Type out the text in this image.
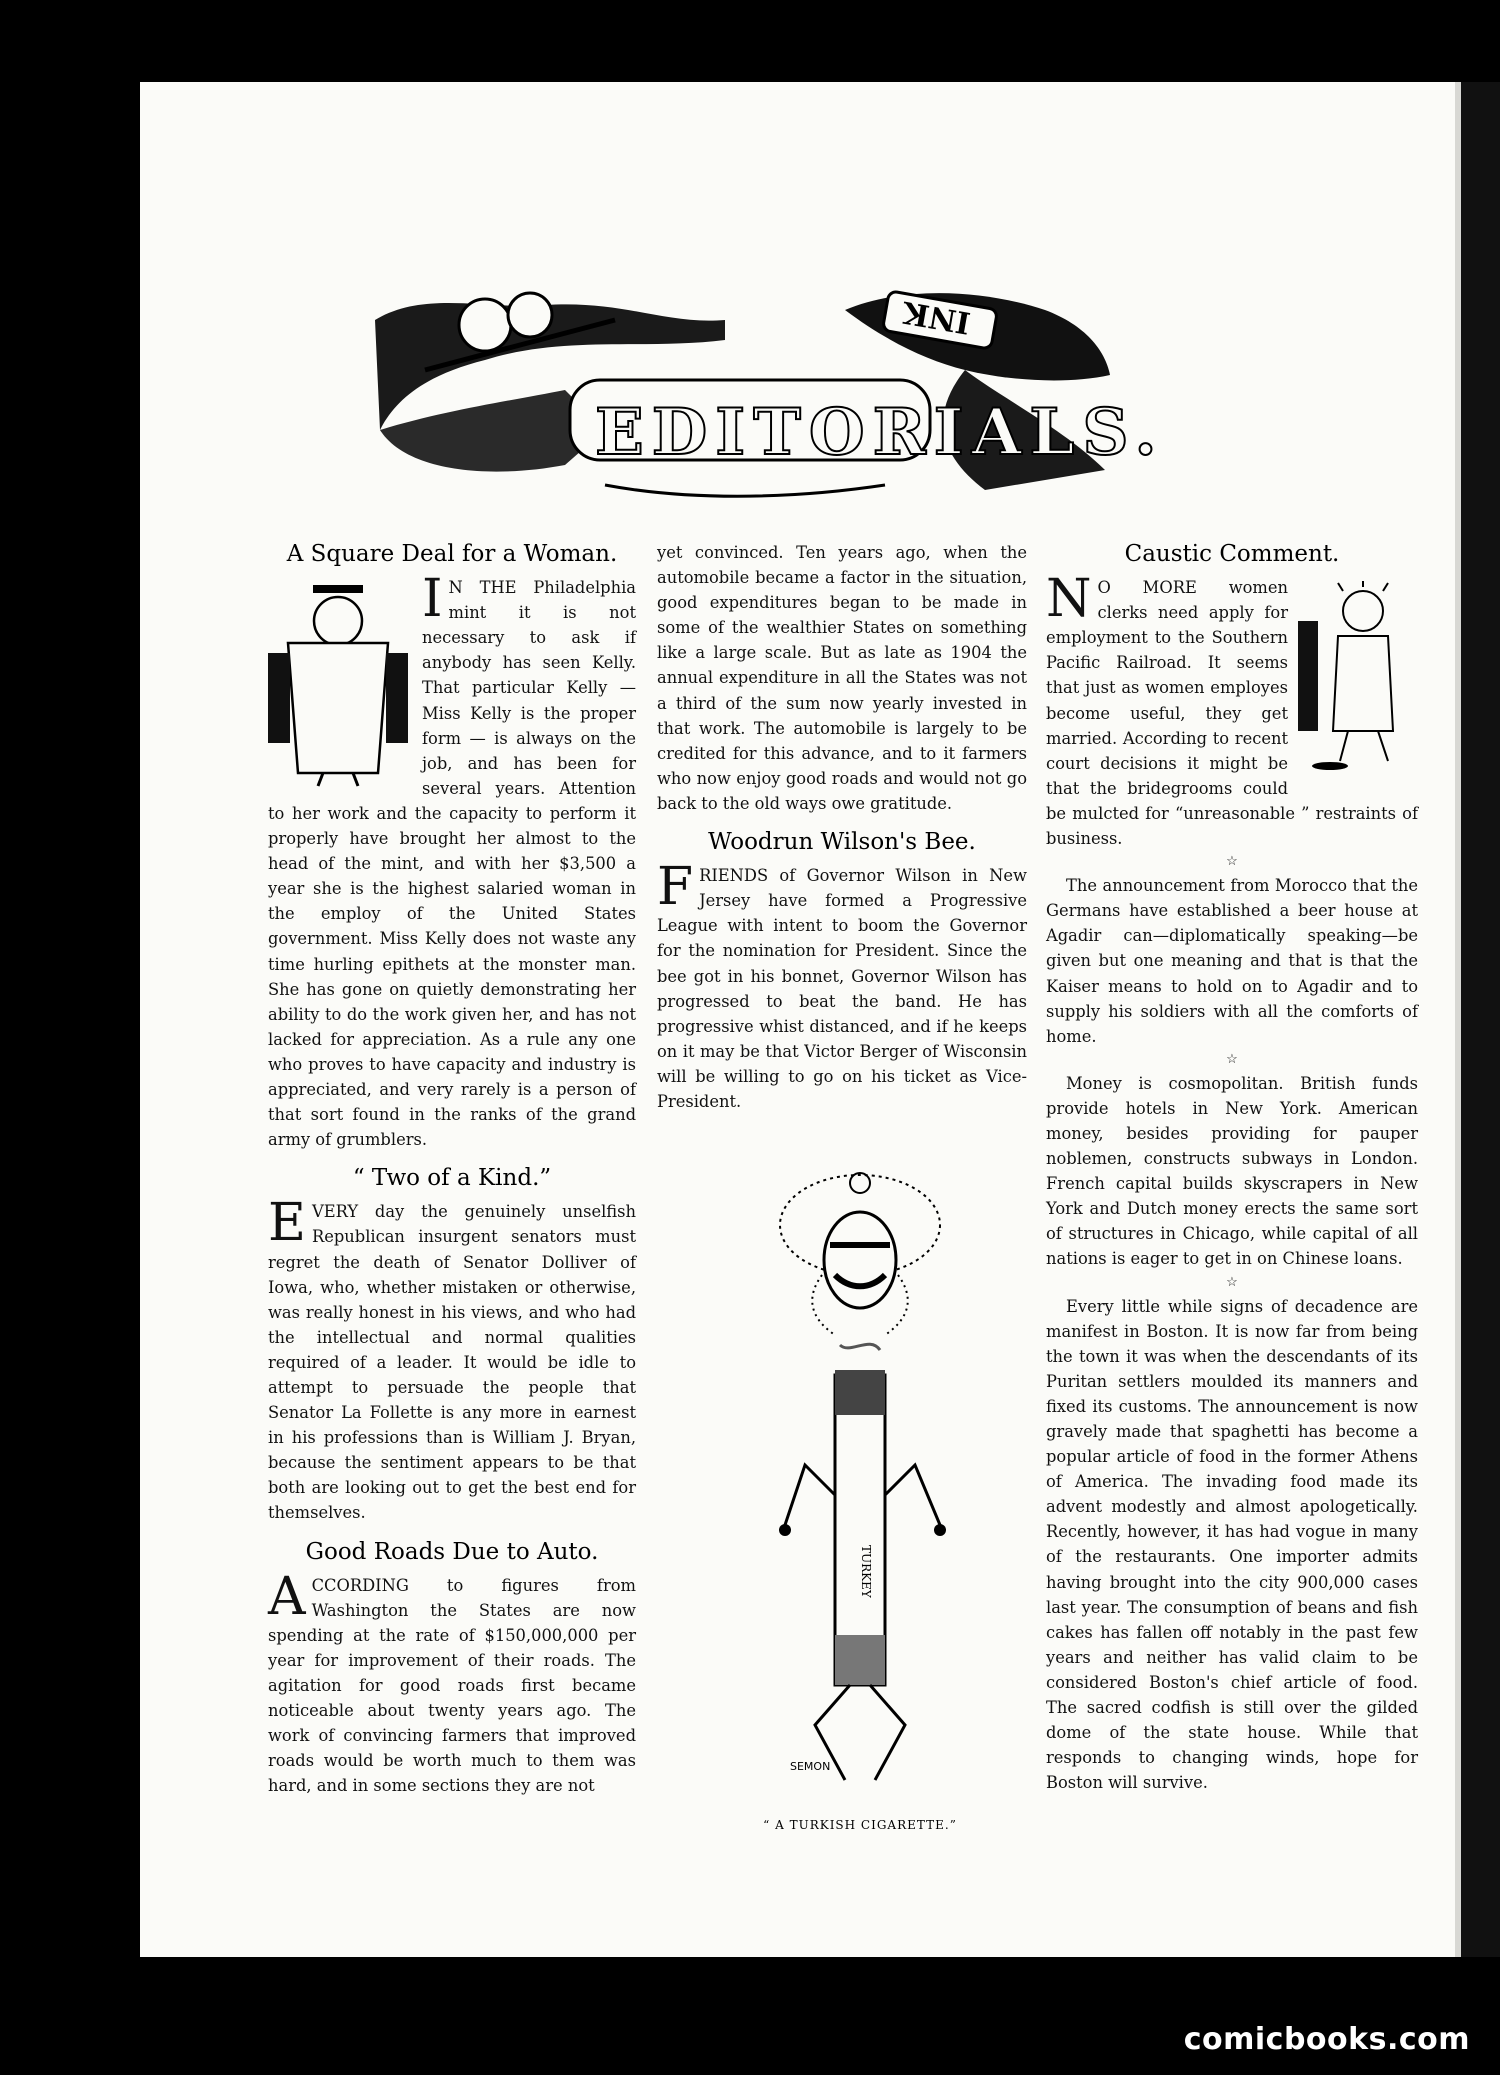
INK
EDITORIALS.
A Square Deal for a Woman.

I N THE Philadelphia mint it is not necessary to ask if anybody has seen Kelly. That particular Kelly —Miss Kelly is the proper form — is always on the job, and has been for several years. Attention to her work and the capacity to perform it properly have brought her almost to the head of the mint, and with her $3,500 a year she is the highest salaried woman in the employ of the United States government. Miss Kelly does not waste any time hurling epithets at the monster man. She has gone on quietly demonstrating her ability to do the work given her, and has not lacked for appreciation. As a rule any one who proves to have capacity and industry is appreciated, and very rarely is a person of that sort found in the ranks of the grand army of grumblers.

“ Two of a Kind.”

EVERY day the genuinely unselfish Republican insurgent senators must regret the death of Senator Dolliver of Iowa, who, whether mistaken or otherwise, was really honest in his views, and who had the intellectual and normal qualities required of a leader. It would be idle to attempt to persuade the people that Senator La Follette is any more in earnest in his professions than is William J. Bryan, because the sentiment appears to be that both are looking out to get the best end for themselves.

Good Roads Due to Auto.

ACCORDING to figures from Washington the States are now spending at the rate of $150,000,000 per year for improvement of their roads. The agitation for good roads first became noticeable about twenty years ago. The work of convincing farmers that improved roads would be worth much to them was hard, and in some sections they are not

yet convinced. Ten years ago, when the automobile became a factor in the situation, good expenditures began to be made in some of the wealthier States on something like a large scale. But as late as 1904 the annual expenditure in all the States was not a third of the sum now yearly invested in that work. The automobile is largely to be credited for this advance, and to it farmers who now enjoy good roads and would not go back to the old ways owe gratitude.

Woodrun Wilson's Bee.

FRIENDS of Governor Wilson in New Jersey have formed a Progressive League with intent to boom the Governor for the nomination for President. Since the bee got in his bonnet, Governor Wilson has progressed to beat the band. He has progressive whist distanced, and if he keeps on it may be that Victor Berger of Wisconsin will be willing to go on his ticket as Vice-President.

TURKEY
SEMON
“ A TURKISH CIGARETTE.”
Caustic Comment.

N O MORE women clerks need apply for employment to the Southern Pacific Railroad. It seems that just as women employes become useful, they get married. According to recent court decisions it might be that the bridegrooms could be mulcted for “unreasonable ” restraints of business.

☆

The announcement from Morocco that the Germans have established a beer house at Agadir can—diplomatically speaking—be given but one meaning and that is that the Kaiser means to hold on to Agadir and to supply his soldiers with all the comforts of home.

☆

Money is cosmopolitan. British funds provide hotels in New York. American money, besides providing for pauper noblemen, constructs subways in London. French capital builds skyscrapers in New York and Dutch money erects the same sort of structures in Chicago, while capital of all nations is eager to get in on Chinese loans.

☆

Every little while signs of decadence are manifest in Boston. It is now far from being the town it was when the descendants of its Puritan settlers moulded its manners and fixed its customs. The announcement is now gravely made that spaghetti has become a popular article of food in the former Athens of America. The invading food made its advent modestly and almost apologetically. Recently, however, it has had vogue in many of the restaurants. One importer admits having brought into the city 900,000 cases last year. The consumption of beans and fish cakes has fallen off notably in the past few years and neither has valid claim to be considered Boston's chief article of food. The sacred codfish is still over the gilded dome of the state house. While that responds to changing winds, hope for Boston will survive.

comicbooks.com
